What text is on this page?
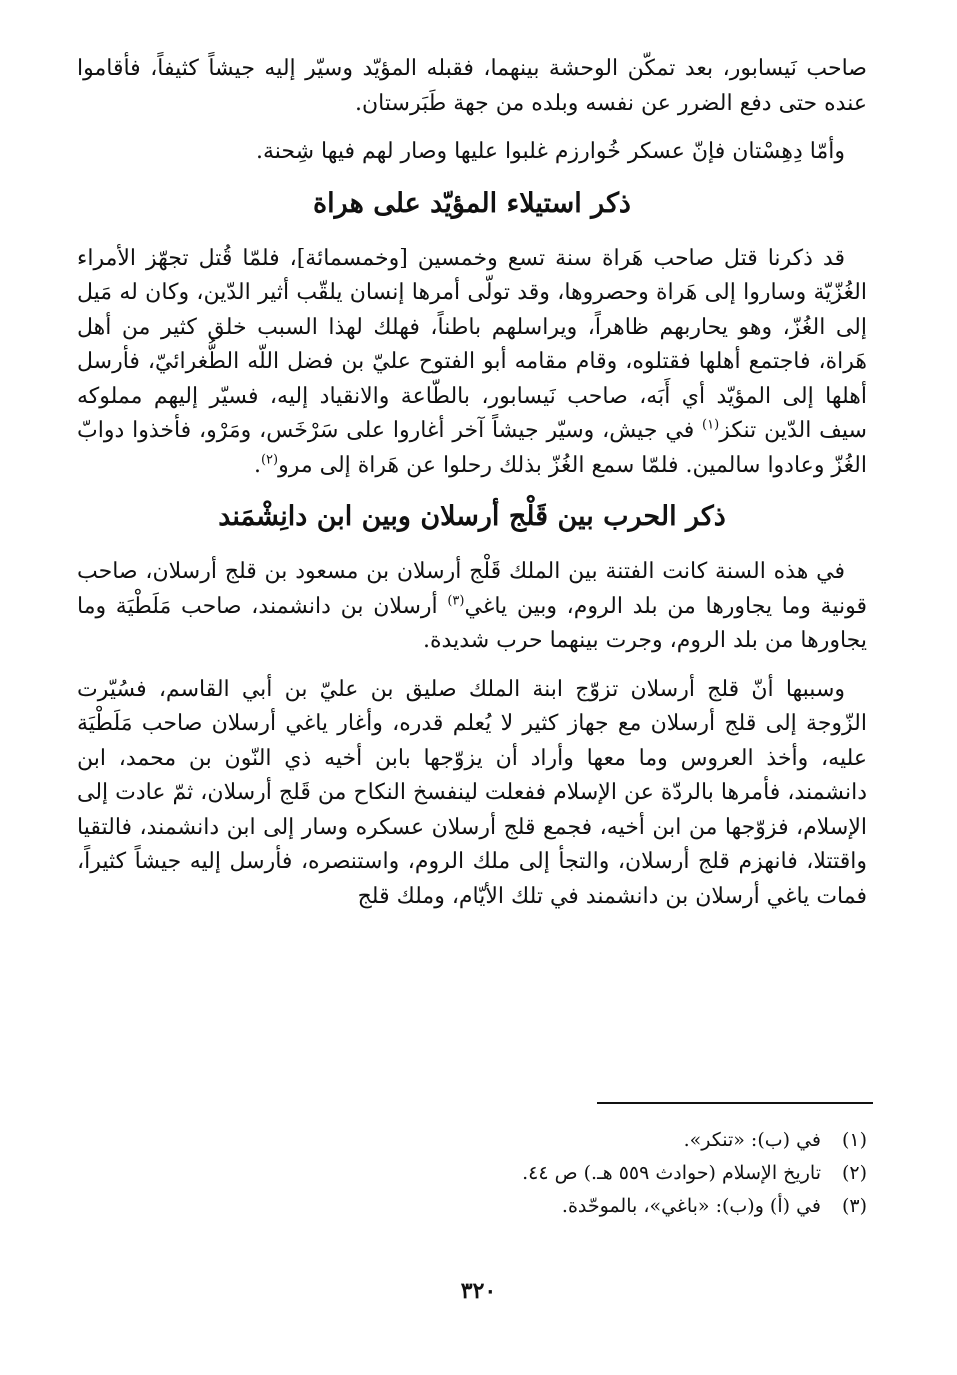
صاحب نَيسابور، بعد تمكّن الوحشة بينهما، فقبله المؤيّد وسيّر إليه جيشاً كثيفاً، فأقاموا عنده حتى دفع الضرر عن نفسه وبلده من جهة طَبَرستان.

وأمّا دِهِسْتان فإنّ عسكر خُوارزم غلبوا عليها وصار لهم فيها شِحنة.

ذكر استيلاء المؤيّد على هراة

قد ذكرنا قتل صاحب هَراة سنة تسع وخمسين [وخمسمائة]، فلمّا قُتل تجهّز الأمراء الغُزّيّة وساروا إلى هَراة وحصروها، وقد تولّى أمرها إنسان يلقّب أثير الدّين، وكان له مَيل إلى الغُزّ، وهو يحاربهم ظاهراً، ويراسلهم باطناً، فهلك لهذا السبب خلق كثير من أهل هَراة، فاجتمع أهلها فقتلوه، وقام مقامه أبو الفتوح عليّ بن فضل اللّه الطُّغرائيّ، فأرسل أهلها إلى المؤيّد أي أَبَه، صاحب نَيسابور، بالطّاعة والانقياد إليه، فسيّر إليهم مملوكه سيف الدّين تنكز$^{(١)}$ في جيش، وسيّر جيشاً آخر أغاروا على سَرْخَس، ومَرْو، فأخذوا دوابّ الغُزّ وعادوا سالمين. فلمّا سمع الغُزّ بذلك رحلوا عن هَراة إلى مرو$^{(٢)}$.

ذكر الحرب بين قَلْج أرسلان وبين ابن دانِشْمَند

في هذه السنة كانت الفتنة بين الملك قَلْج أرسلان بن مسعود بن قلج أرسلان، صاحب قونية وما يجاورها من بلد الروم، وبين ياغي$^{(٣)}$ أرسلان بن دانشمند، صاحب مَلَطْيَة وما يجاورها من بلد الروم، وجرت بينهما حرب شديدة.

وسببها أنّ قلج أرسلان تزوّج ابنة الملك صليق بن عليّ بن أبي القاسم، فسُيّرت الزّوجة إلى قلج أرسلان مع جهاز كثير لا يُعلم قدره، وأغار ياغي أرسلان صاحب مَلَطْيَة عليه، وأخذ العروس وما معها وأراد أن يزوّجها بابن أخيه ذي النّون بن محمد، ابن دانشمند، فأمرها بالردّة عن الإسلام ففعلت لينفسخ النكاح من قَلج أرسلان، ثمّ عادت إلى الإسلام، فزوّجها من ابن أخيه، فجمع قلج أرسلان عسكره وسار إلى ابن دانشمند، فالتقيا واقتتلا، فانهزم قلج أرسلان، والتجأ إلى ملك الروم، واستنصره، فأرسل إليه جيشاً كثيراً، فمات ياغي أرسلان بن دانشمند في تلك الأيّام، وملك قلج

(١)
في (ب): «تنكر».
(٢)
تاريخ الإسلام (حوادث ٥٥٩ هـ.) ص ٤٤.
(٣)
في (أ) و(ب): «باغي»، بالموحّدة.
٣٢٠
